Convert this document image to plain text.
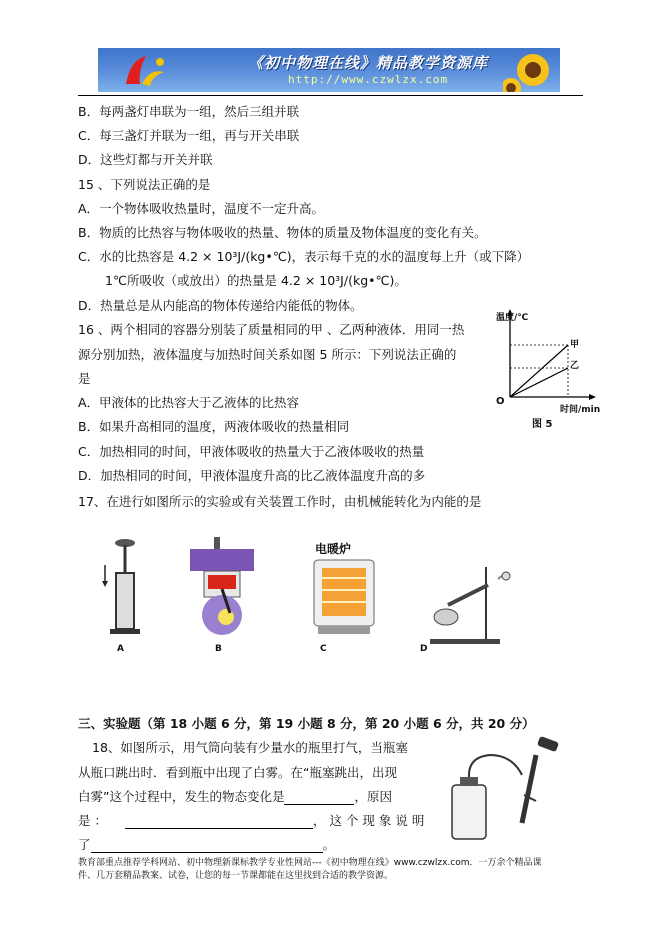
《初中物理在线》精品教学资源库
http://www.czwlzx.com
B．每两盏灯串联为一组，然后三组并联
C．每三盏灯并联为一组，再与开关串联
D．这些灯都与开关并联
15 、下列说法正确的是
A．一个物体吸收热量时，温度不一定升高。
B．物质的比热容与物体吸收的热量、物体的质量及物体温度的变化有关。
C．水的比热容是 4.2 × 10³J/(kg•℃)，表示每千克的水的温度每上升（或下降）
1℃所吸收（或放出）的热量是 4.2 × 10³J/(kg•℃)。
D．热量总是从内能高的物体传递给内能低的物体。
16 、两个相同的容器分别装了质量相同的甲 、乙两种液体．用同一热
源分别加热，液体温度与加热时间关系如图 5 所示：下列说法正确的
是
A．甲液体的比热容大于乙液体的比热容
B．如果升高相同的温度，两液体吸收的热量相同
C．加热相同的时间，甲液体吸收的热量大于乙液体吸收的热量
D．加热相同的时间，甲液体温度升高的比乙液体温度升高的多
温度/℃
时间/min
O
甲
乙
图 5
17、在进行如图所示的实验或有关装置工作时，由机械能转化为内能的是
电暖炉
A	B	C	D
三、实验题（第 18 小题 6 分，第 19 小题 8 分，第 20 小题 6 分，共 20 分）
18、如图所示，用气筒向装有少量水的瓶里打气，当瓶塞
从瓶口跳出时．看到瓶中出现了白雾。在“瓶塞跳出，出现
白雾”这个过程中，发生的物态变化是	，原因
是 ：	， 这 个 现 象 说 明
了	。
教育部重点推荐学科网站、初中物理新课标教学专业性网站---《初中物理在线》www.czwlzx.com．一万余个精品课
件、几万套精品教案、试卷，让您的每一节课都能在这里找到合适的教学资源。
